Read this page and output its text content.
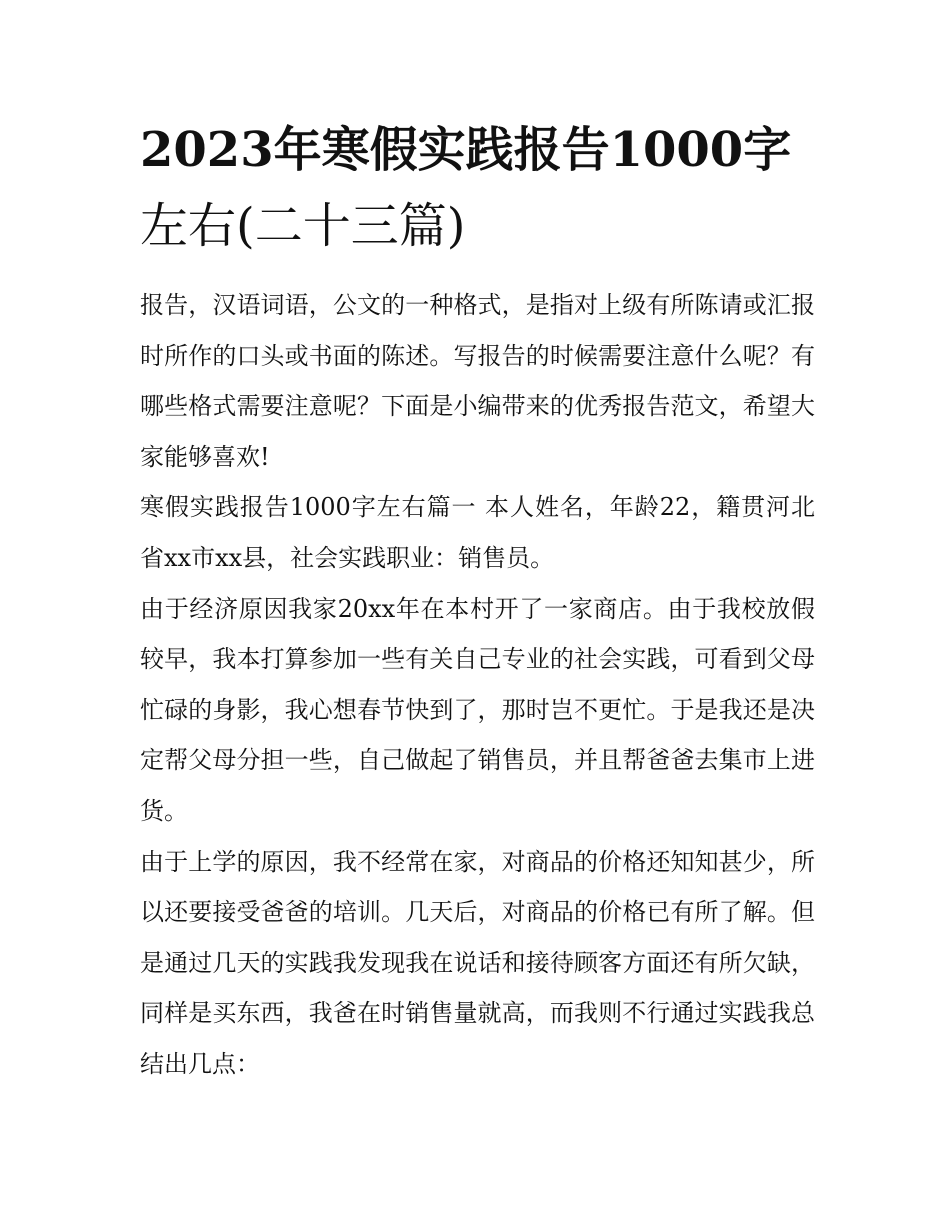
2023年寒假实践报告1000字
左右(二十三篇)

报告，汉语词语，公文的一种格式，是指对上级有所陈请或汇报时所作的口头或书面的陈述。写报告的时候需要注意什么呢？有哪些格式需要注意呢？下面是小编带来的优秀报告范文，希望大家能够喜欢!

寒假实践报告1000字左右篇一 本人姓名，年龄22，籍贯河北省xx市xx县，社会实践职业：销售员。

由于经济原因我家20xx年在本村开了一家商店。由于我校放假较早，我本打算参加一些有关自己专业的社会实践，可看到父母忙碌的身影，我心想春节快到了，那时岂不更忙。于是我还是决定帮父母分担一些，自己做起了销售员，并且帮爸爸去集市上进货。

由于上学的原因，我不经常在家，对商品的价格还知知甚少，所以还要接受爸爸的培训。几天后，对商品的价格已有所了解。但是通过几天的实践我发现我在说话和接待顾客方面还有所欠缺，同样是买东西，我爸在时销售量就高，而我则不行通过实践我总结出几点：
